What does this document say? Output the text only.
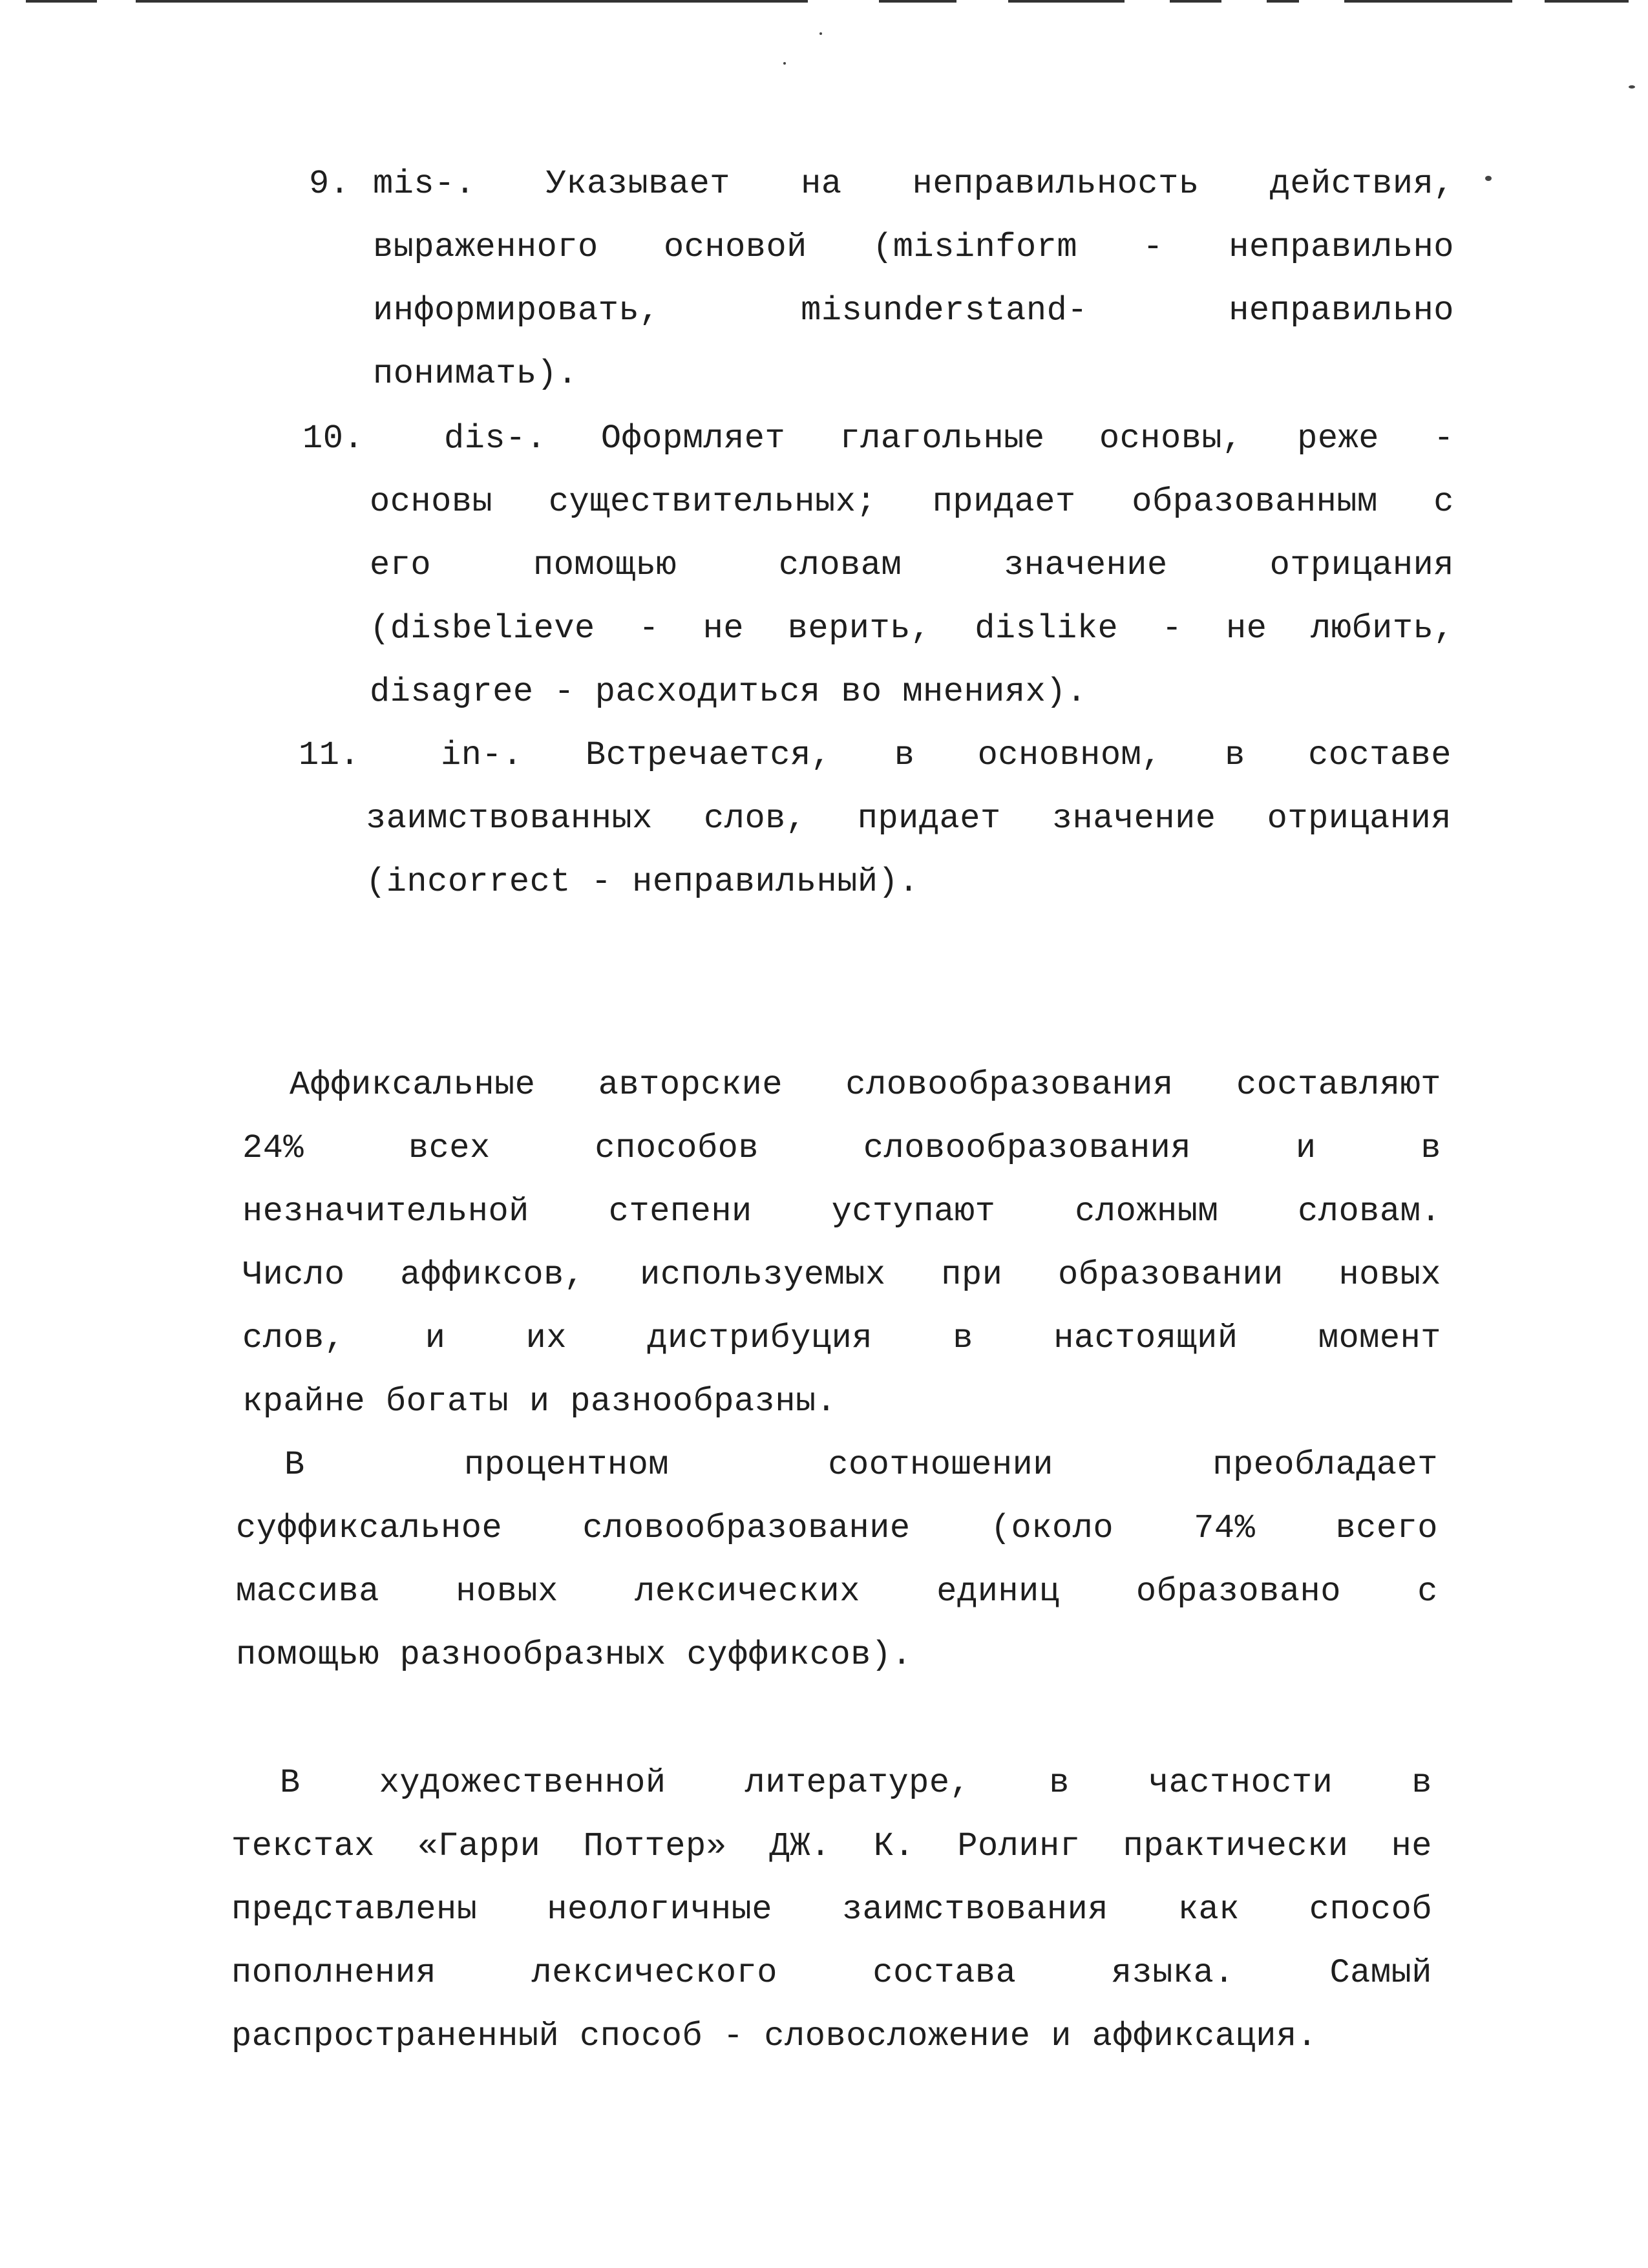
9. mis-. Указывает на неправильность действия,
выраженного основой (misinform - неправильно
информировать, misunderstand- неправильно
понимать).
10.	dis-. Оформляет глагольные основы, реже -
основы существительных; придает образованным с
его помощью словам значение отрицания
(disbelieve - не верить, dislike - не любить,
disagree - расходиться во мнениях).
11.	in-. Встречается, в основном, в составе
заимствованных слов, придает значение отрицания
(incorrect - неправильный).
Аффиксальные авторские словообразования составляют
24% всех способов словообразования и в
незначительной степени уступают сложным словам.
Число аффиксов, используемых при образовании новых
слов, и их дистрибуция в настоящий момент
крайне богаты и разнообразны.
В процентном соотношении преобладает
суффиксальное словообразование (около 74% всего
массива новых лексических единиц образовано с
помощью разнообразных суффиксов).
В художественной литературе, в частности в
текстах «Гарри Поттер» ДЖ. К. Ролинг практически не
представлены неологичные заимствования как способ
пополнения лексического состава языка. Самый
распространенный способ - словосложение и аффиксация.
